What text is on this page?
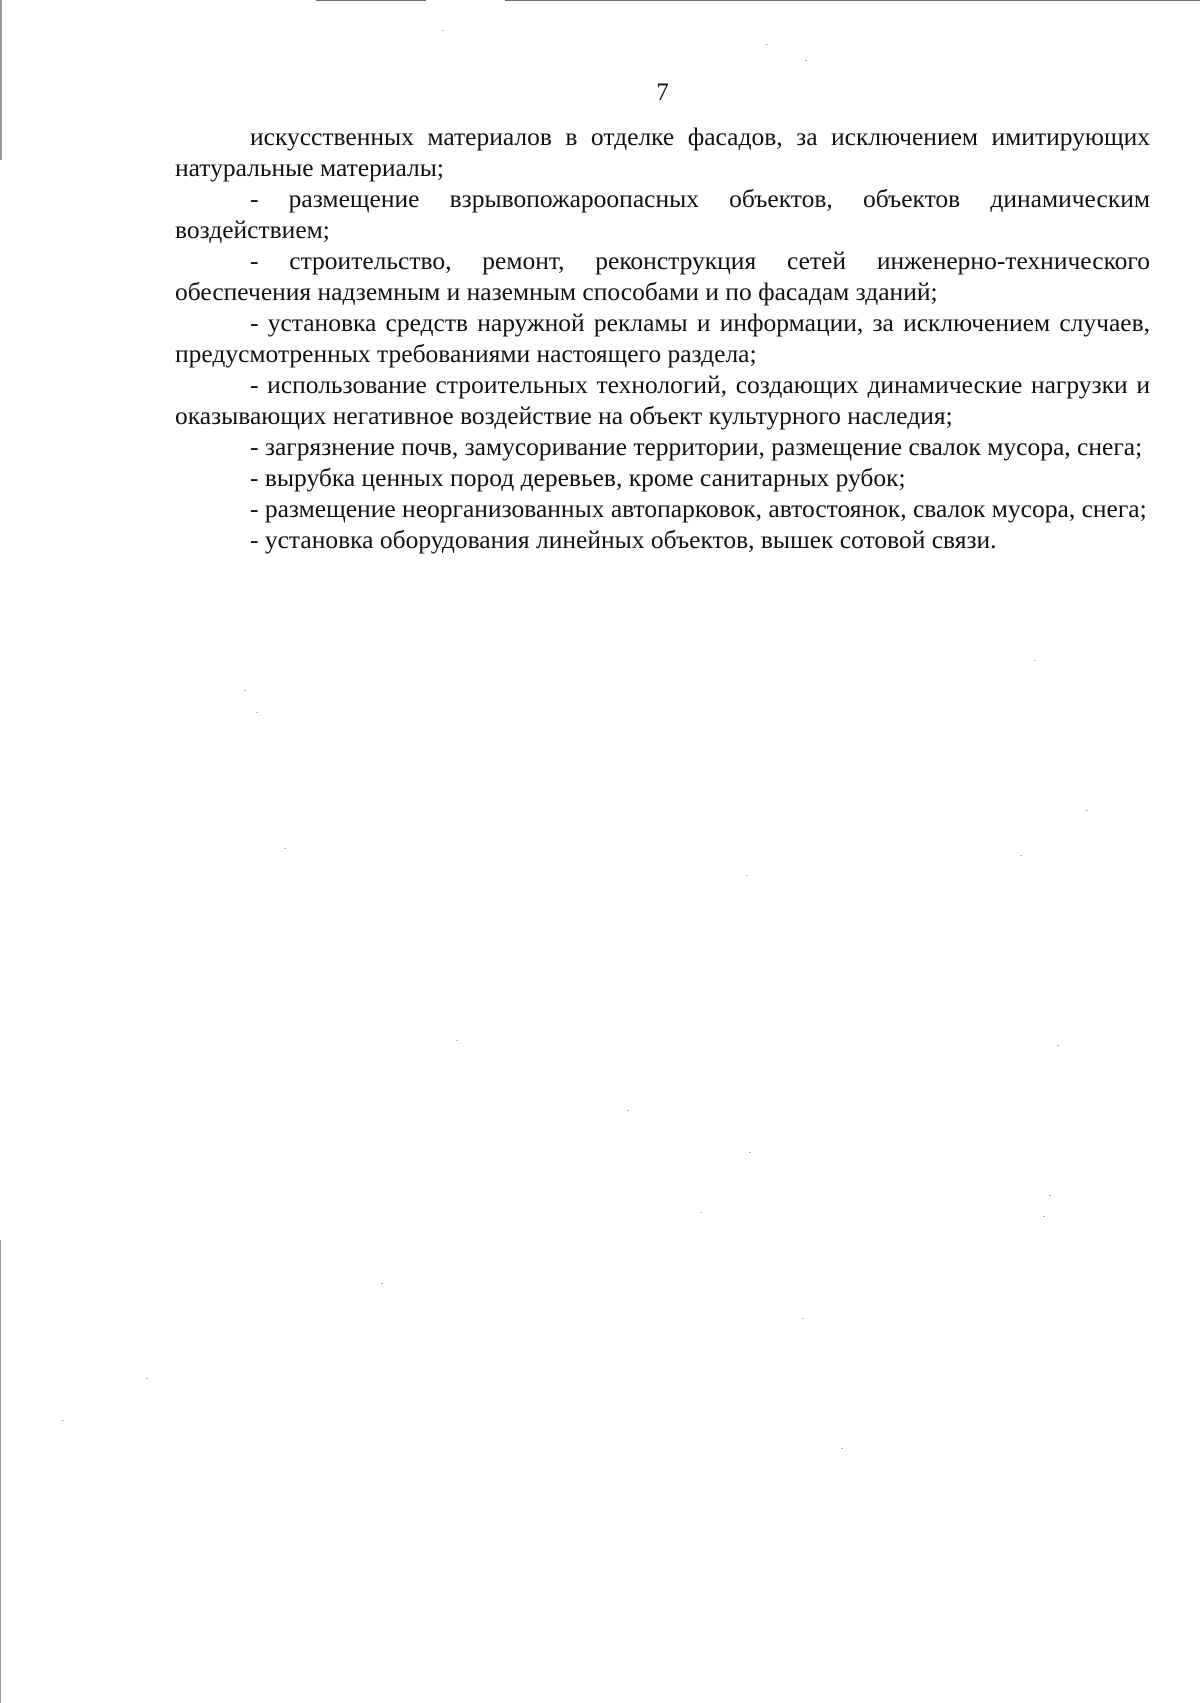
7

искусственных материалов в отделке фасадов, за исключением имитирующих натуральные материалы;

- размещение взрывопожароопасных объектов, объектов динамическим воздействием;

- строительство, ремонт, реконструкция сетей инженерно-технического обеспечения надземным и наземным способами и по фасадам зданий;

- установка средств наружной рекламы и информации, за исключением случаев, предусмотренных требованиями настоящего раздела;

- использование строительных технологий, создающих динамические нагрузки и оказывающих негативное воздействие на объект культурного наследия;

- загрязнение почв, замусоривание территории, размещение свалок мусора, снега;

- вырубка ценных пород деревьев, кроме санитарных рубок;

- размещение неорганизованных автопарковок, автостоянок, свалок мусора, снега;

- установка оборудования линейных объектов, вышек сотовой связи.
